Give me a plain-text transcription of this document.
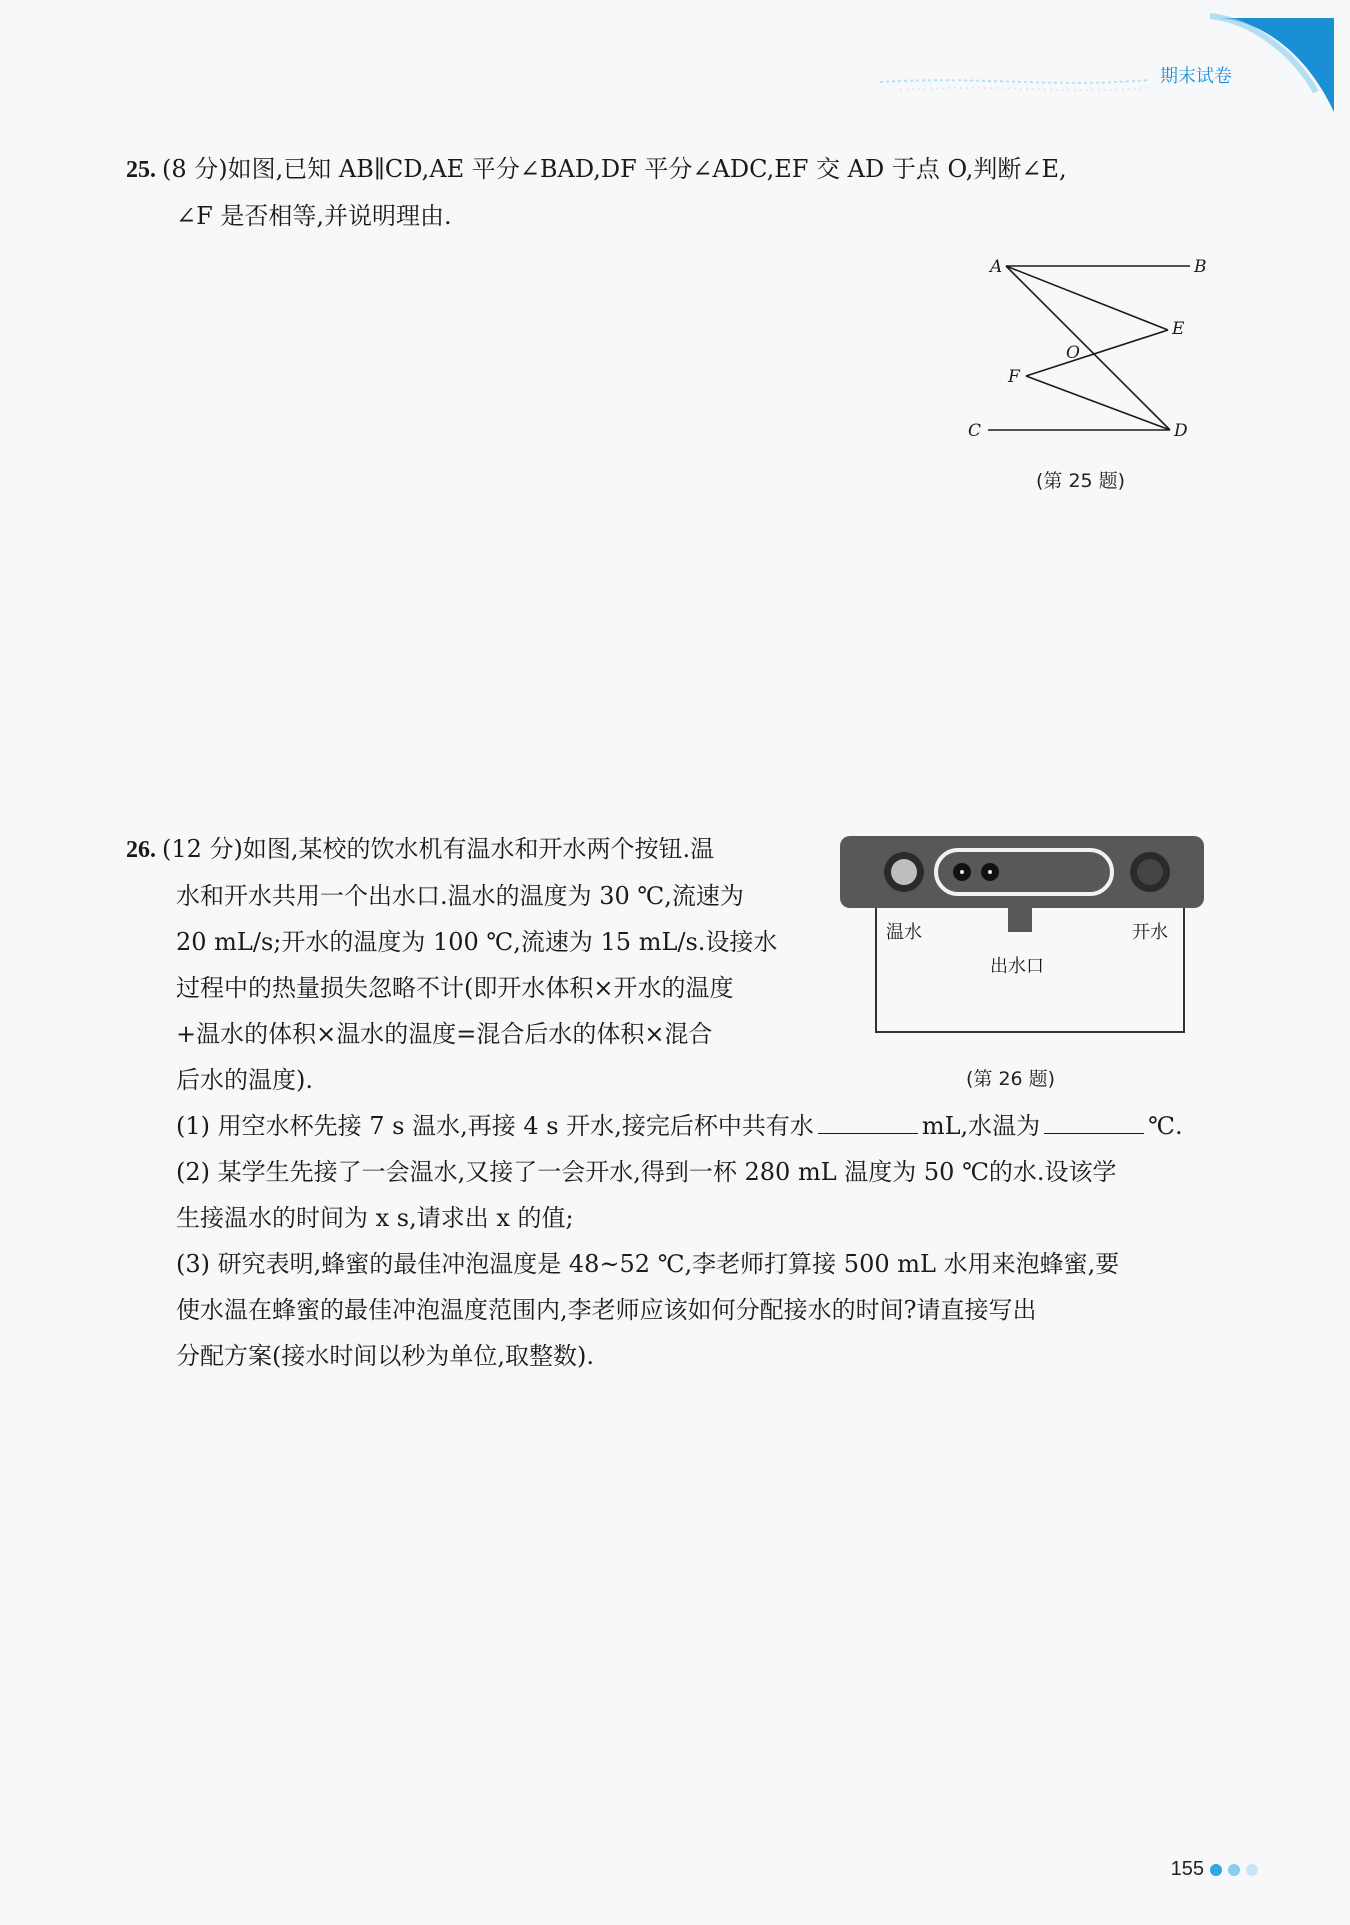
期末试卷
25. (8 分)如图,已知 AB∥CD,AE 平分∠BAD,DF 平分∠ADC,EF 交 AD 于点 O,判断∠E,
∠F 是否相等,并说明理由.
A	B
E
O
F
C	D
(第 25 题)
26. (12 分)如图,某校的饮水机有温水和开水两个按钮.温
水和开水共用一个出水口.温水的温度为 30 ℃,流速为
20 mL/s;开水的温度为 100 ℃,流速为 15 mL/s.设接水
过程中的热量损失忽略不计(即开水体积×开水的温度
+温水的体积×温水的温度=混合后水的体积×混合
后水的温度).
(1) 用空水杯先接 7 s 温水,再接 4 s 开水,接完后杯中共有水	mL,水温为	℃.
(2) 某学生先接了一会温水,又接了一会开水,得到一杯 280 mL 温度为 50 ℃的水.设该学
生接温水的时间为 x s,请求出 x 的值;
(3) 研究表明,蜂蜜的最佳冲泡温度是 48~52 ℃,李老师打算接 500 mL 水用来泡蜂蜜,要
使水温在蜂蜜的最佳冲泡温度范围内,李老师应该如何分配接水的时间?请直接写出
分配方案(接水时间以秒为单位,取整数).
温水	开水
出水口
(第 26 题)
155
